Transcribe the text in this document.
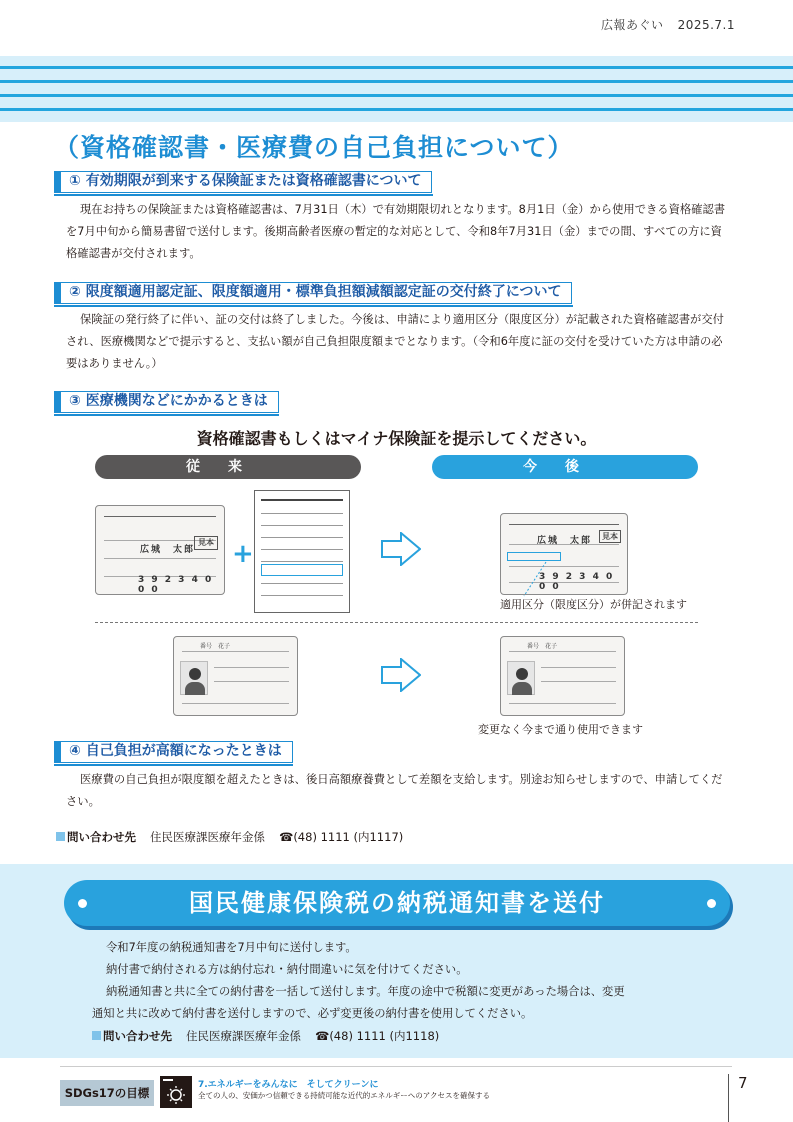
広報あぐい 2025.7.1
（資格確認書・医療費の自己負担について）
① 有効期限が到来する保険証または資格確認書について
現在お持ちの保険証または資格確認書は、7月31日（木）で有効期限切れとなります。8月1日（金）から使用できる資格確認書を7月中旬から簡易書留で送付します。後期高齢者医療の暫定的な対応として、令和8年7月31日（金）までの間、すべての方に資格確認書が交付されます。
② 限度額適用認定証、限度額適用・標準負担額減額認定証の交付終了について
保険証の発行終了に伴い、証の交付は終了しました。今後は、申請により適用区分（限度区分）が記載された資格確認書が交付され、医療機関などで提示すると、支払い額が自己負担限度額までとなります。（令和6年度に証の交付を受けていた方は申請の必要はありません。）
③ 医療機関などにかかるときは
資格確認書もしくはマイナ保険証を提示してください。
従来	今後
見本
広城　太郎
3 9 2 3 4 0 0 0
+
見本
広城　太郎
3 9 2 3 4 0 0 0
適用区分（限度区分）が併記されます
番号　花子	番号　花子
変更なく今まで通り使用できます
④ 自己負担が高額になったときは
医療費の自己負担が限度額を超えたときは、後日高額療養費として差額を支給します。別途お知らせしますので、申請してください。
問い合わせ先 住民医療課医療年金係 ☎(48) 1111 (内1117)
国民健康保険税の納税通知書を送付
令和7年度の納税通知書を7月中旬に送付します。
納付書で納付される方は納付忘れ・納付間違いに気を付けてください。
納税通知書と共に全ての納付書を一括して送付します。年度の途中で税額に変更があった場合は、変更
通知と共に改めて納付書を送付しますので、必ず変更後の納付書を使用してください。
問い合わせ先 住民医療課医療年金係 ☎(48) 1111 (内1118)
SDGs17の目標
7.エネルギーをみんなに　そしてクリーンに
全ての人の、安価かつ信頼できる持続可能な近代的エネルギーへのアクセスを確保する
7
